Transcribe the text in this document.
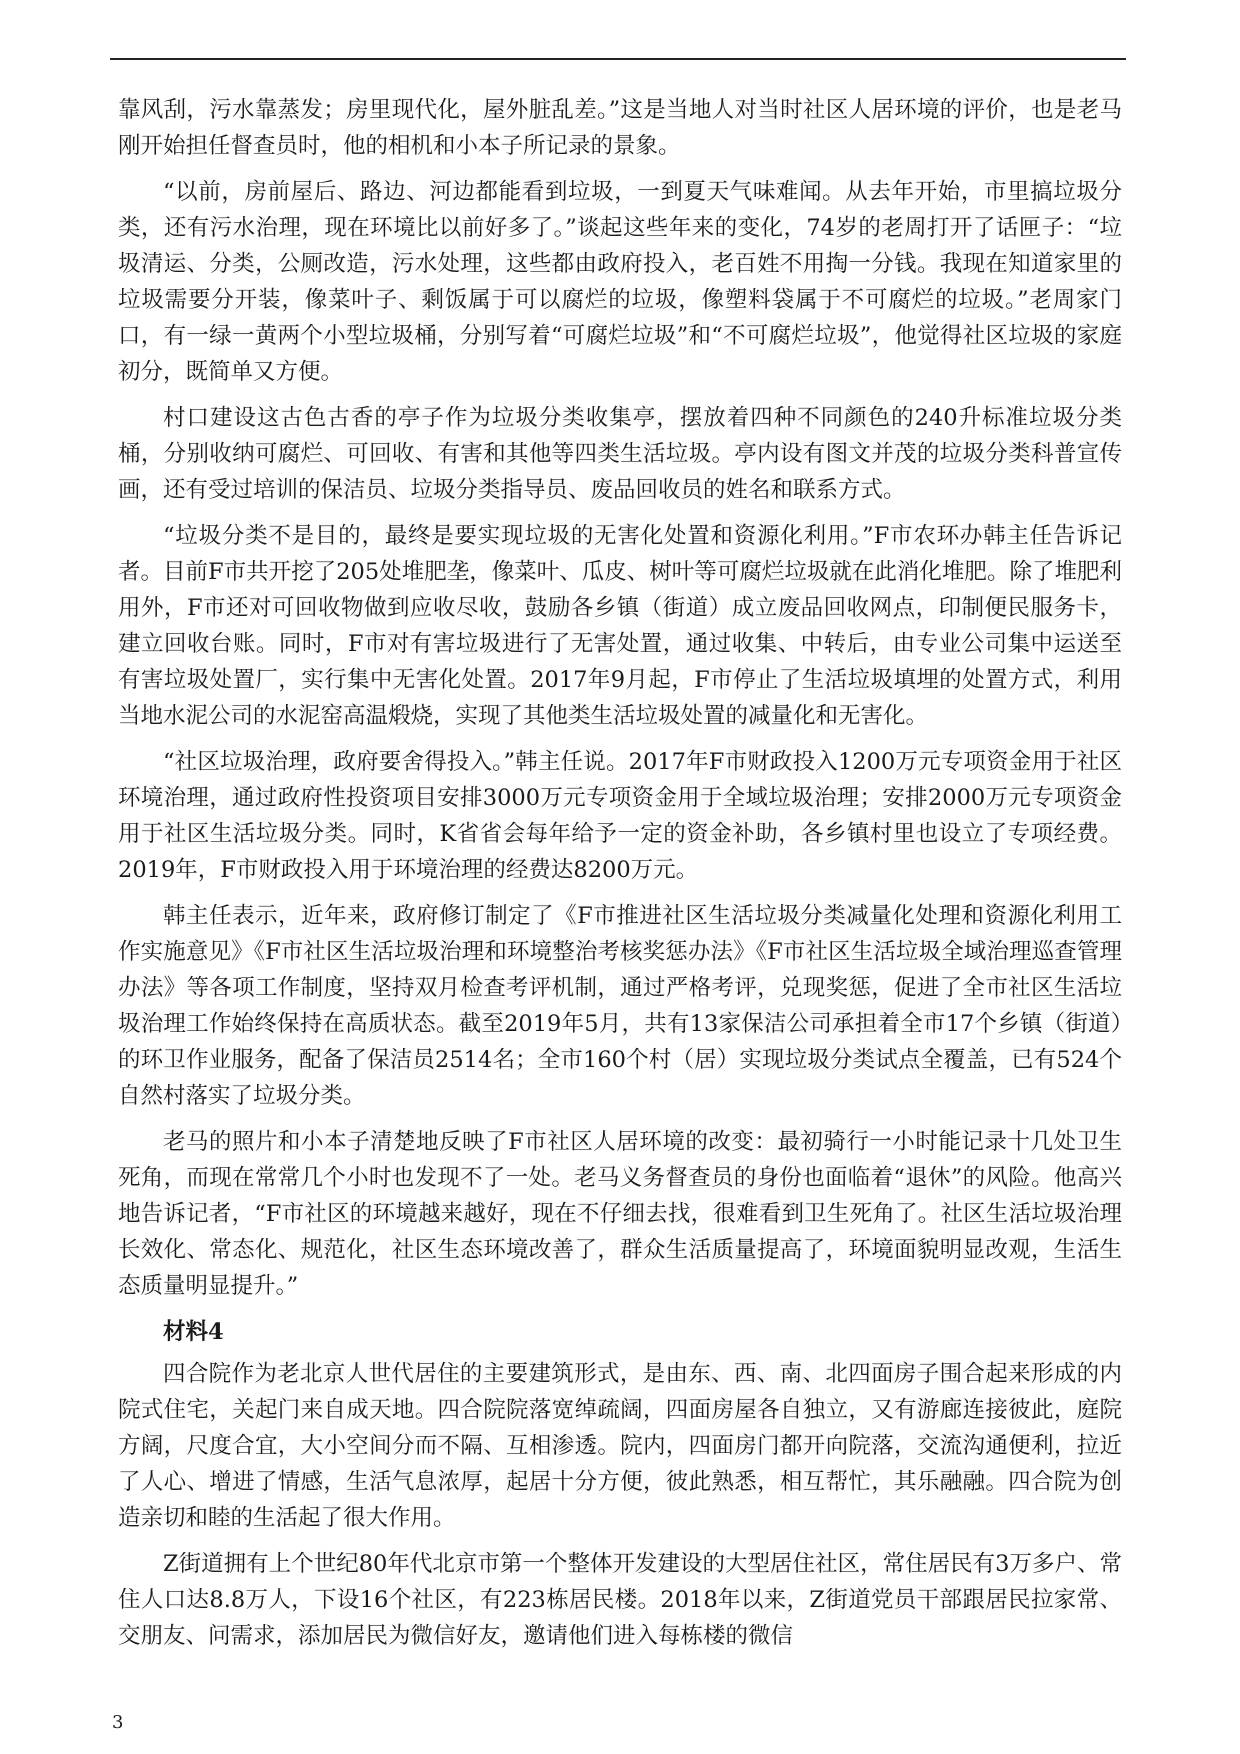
靠风刮，污水靠蒸发；房里现代化，屋外脏乱差。”这是当地人对当时社区人居环境的评价，也是老马刚开始担任督查员时，他的相机和小本子所记录的景象。

“以前，房前屋后、路边、河边都能看到垃圾，一到夏天气味难闻。从去年开始，市里搞垃圾分类，还有污水治理，现在环境比以前好多了。”谈起这些年来的变化，74岁的老周打开了话匣子：“垃圾清运、分类，公厕改造，污水处理，这些都由政府投入，老百姓不用掏一分钱。我现在知道家里的垃圾需要分开装，像菜叶子、剩饭属于可以腐烂的垃圾，像塑料袋属于不可腐烂的垃圾。”老周家门口，有一绿一黄两个小型垃圾桶，分别写着“可腐烂垃圾”和“不可腐烂垃圾”，他觉得社区垃圾的家庭初分，既简单又方便。

村口建设这古色古香的亭子作为垃圾分类收集亭，摆放着四种不同颜色的240升标准垃圾分类桶，分别收纳可腐烂、可回收、有害和其他等四类生活垃圾。亭内设有图文并茂的垃圾分类科普宣传画，还有受过培训的保洁员、垃圾分类指导员、废品回收员的姓名和联系方式。

“垃圾分类不是目的，最终是要实现垃圾的无害化处置和资源化利用。”F市农环办韩主任告诉记者。目前F市共开挖了205处堆肥垄，像菜叶、瓜皮、树叶等可腐烂垃圾就在此消化堆肥。除了堆肥利用外，F市还对可回收物做到应收尽收，鼓励各乡镇（街道）成立废品回收网点，印制便民服务卡，建立回收台账。同时，F市对有害垃圾进行了无害处置，通过收集、中转后，由专业公司集中运送至有害垃圾处置厂，实行集中无害化处置。2017年9月起，F市停止了生活垃圾填埋的处置方式，利用当地水泥公司的水泥窑高温煅烧，实现了其他类生活垃圾处置的减量化和无害化。

“社区垃圾治理，政府要舍得投入。”韩主任说。2017年F市财政投入1200万元专项资金用于社区环境治理，通过政府性投资项目安排3000万元专项资金用于全域垃圾治理；安排2000万元专项资金用于社区生活垃圾分类。同时，K省省会每年给予一定的资金补助，各乡镇村里也设立了专项经费。2019年，F市财政投入用于环境治理的经费达8200万元。

韩主任表示，近年来，政府修订制定了《F市推进社区生活垃圾分类减量化处理和资源化利用工作实施意见》《F市社区生活垃圾治理和环境整治考核奖惩办法》《F市社区生活垃圾全域治理巡查管理办法》等各项工作制度，坚持双月检查考评机制，通过严格考评，兑现奖惩，促进了全市社区生活垃圾治理工作始终保持在高质状态。截至2019年5月，共有13家保洁公司承担着全市17个乡镇（街道）的环卫作业服务，配备了保洁员2514名；全市160个村（居）实现垃圾分类试点全覆盖，已有524个自然村落实了垃圾分类。

老马的照片和小本子清楚地反映了F市社区人居环境的改变：最初骑行一小时能记录十几处卫生死角，而现在常常几个小时也发现不了一处。老马义务督查员的身份也面临着“退休”的风险。他高兴地告诉记者，“F市社区的环境越来越好，现在不仔细去找，很难看到卫生死角了。社区生活垃圾治理长效化、常态化、规范化，社区生态环境改善了，群众生活质量提高了，环境面貌明显改观，生活生态质量明显提升。”

材料4

四合院作为老北京人世代居住的主要建筑形式，是由东、西、南、北四面房子围合起来形成的内院式住宅，关起门来自成天地。四合院院落宽绰疏阔，四面房屋各自独立，又有游廊连接彼此，庭院方阔，尺度合宜，大小空间分而不隔、互相渗透。院内，四面房门都开向院落，交流沟通便利，拉近了人心、增进了情感，生活气息浓厚，起居十分方便，彼此熟悉，相互帮忙，其乐融融。四合院为创造亲切和睦的生活起了很大作用。

Z街道拥有上个世纪80年代北京市第一个整体开发建设的大型居住社区，常住居民有3万多户、常住人口达8.8万人，下设16个社区，有223栋居民楼。2018年以来，Z街道党员干部跟居民拉家常、交朋友、问需求，添加居民为微信好友，邀请他们进入每栋楼的微信

3
